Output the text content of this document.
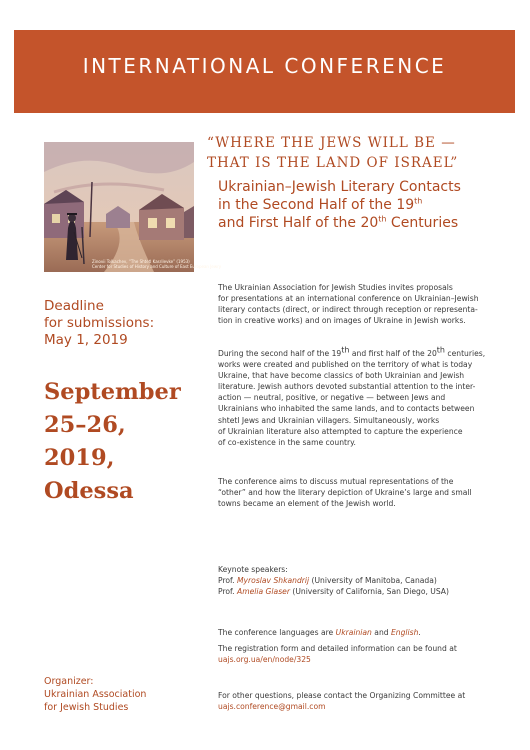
INTERNATIONAL CONFERENCE
Zinovii Tolkachev, “The Shtetl Kasrilevke” (1953)
Center for Studies of History and Culture of East European Jewry
“WHERE THE JEWS WILL BE —
THAT IS THE LAND OF ISRAEL”
Ukrainian–Jewish Literary Contacts
in the Second Half of the 19th
and First Half of the 20th Centuries
Deadline
for submissions:
May 1, 2019
September
25–26,
2019,
Odessa
The Ukrainian Association for Jewish Studies invites proposals
for presentations at an international conference on Ukrainian–Jewish
literary contacts (direct, or indirect through reception or representa-
tion in creative works) and on images of Ukraine in Jewish works.
During the second half of the 19th and first half of the 20th centuries,
works were created and published on the territory of what is today
Ukraine, that have become classics of both Ukrainian and Jewish
literature. Jewish authors devoted substantial attention to the inter-
action — neutral, positive, or negative — between Jews and
Ukrainians who inhabited the same lands, and to contacts between
shtetl Jews and Ukrainian villagers. Simultaneously, works
of Ukrainian literature also attempted to capture the experience
of co-existence in the same country.
The conference aims to discuss mutual representations of the
“other” and how the literary depiction of Ukraine’s large and small
towns became an element of the Jewish world.
Keynote speakers:
Prof. Myroslav Shkandrij (University of Manitoba, Canada)
Prof. Amelia Glaser (University of California, San Diego, USA)
The conference languages are Ukrainian and English.
The registration form and detailed information can be found at
uajs.org.ua/en/node/325
For other questions, please contact the Organizing Committee at
uajs.conference@gmail.com
Organizer:
Ukrainian Association
for Jewish Studies
